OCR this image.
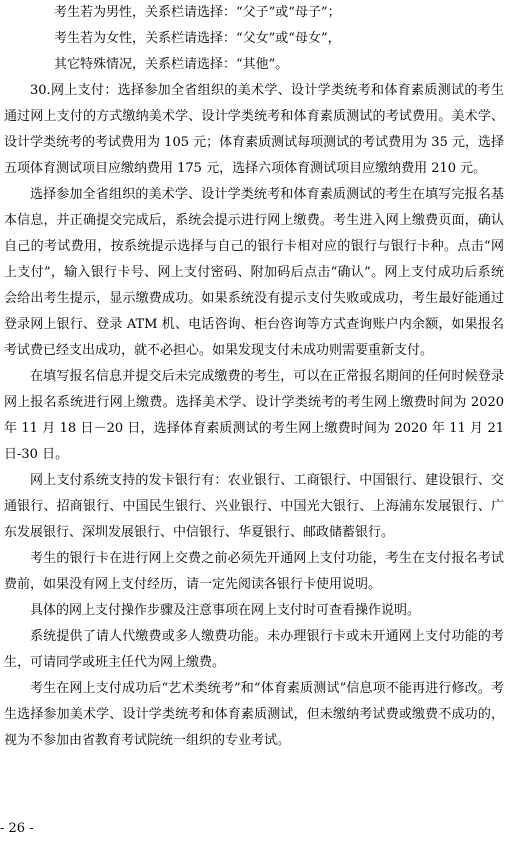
考生若为男性，关系栏请选择：“父子”或“母子”；

考生若为女性，关系栏请选择：“父女”或“母女”，

其它特殊情况，关系栏请选择：“其他”。

30.网上支付：选择参加全省组织的美术学、设计学类统考和体育素质测试的考生通过网上支付的方式缴纳美术学、设计学类统考和体育素质测试的考试费用。美术学、设计学类统考的考试费用为 105 元；体育素质测试每项测试的考试费用为 35 元，选择五项体育测试项目应缴纳费用 175 元，选择六项体育测试项目应缴纳费用 210 元。

选择参加全省组织的美术学、设计学类统考和体育素质测试的考生在填写完报名基本信息，并正确提交完成后，系统会提示进行网上缴费。考生进入网上缴费页面，确认自己的考试费用，按系统提示选择与自己的银行卡相对应的银行与银行卡种。点击“网上支付”，输入银行卡号、网上支付密码、附加码后点击“确认”。网上支付成功后系统会给出考生提示，显示缴费成功。如果系统没有提示支付失败或成功，考生最好能通过登录网上银行、登录 ATM 机、电话咨询、柜台咨询等方式查询账户内余额，如果报名考试费已经支出成功，就不必担心。如果发现支付未成功则需要重新支付。

在填写报名信息并提交后未完成缴费的考生，可以在正常报名期间的任何时候登录网上报名系统进行网上缴费。选择美术学、设计学类统考的考生网上缴费时间为 2020 年 11 月 18 日－20 日，选择体育素质测试的考生网上缴费时间为 2020 年 11 月 21 日-30 日。

网上支付系统支持的发卡银行有：农业银行、工商银行、中国银行、建设银行、交通银行、招商银行、中国民生银行、兴业银行、中国光大银行、上海浦东发展银行、广东发展银行、深圳发展银行、中信银行、华夏银行、邮政储蓄银行。

考生的银行卡在进行网上交费之前必须先开通网上支付功能，考生在支付报名考试费前，如果没有网上支付经历，请一定先阅读各银行卡使用说明。

具体的网上支付操作步骤及注意事项在网上支付时可查看操作说明。

系统提供了请人代缴费或多人缴费功能。未办理银行卡或未开通网上支付功能的考生，可请同学或班主任代为网上缴费。

考生在网上支付成功后“艺术类统考”和“体育素质测试”信息项不能再进行修改。考生选择参加美术学、设计学类统考和体育素质测试，但未缴纳考试费或缴费不成功的，视为不参加由省教育考试院统一组织的专业考试。

- 26 -
